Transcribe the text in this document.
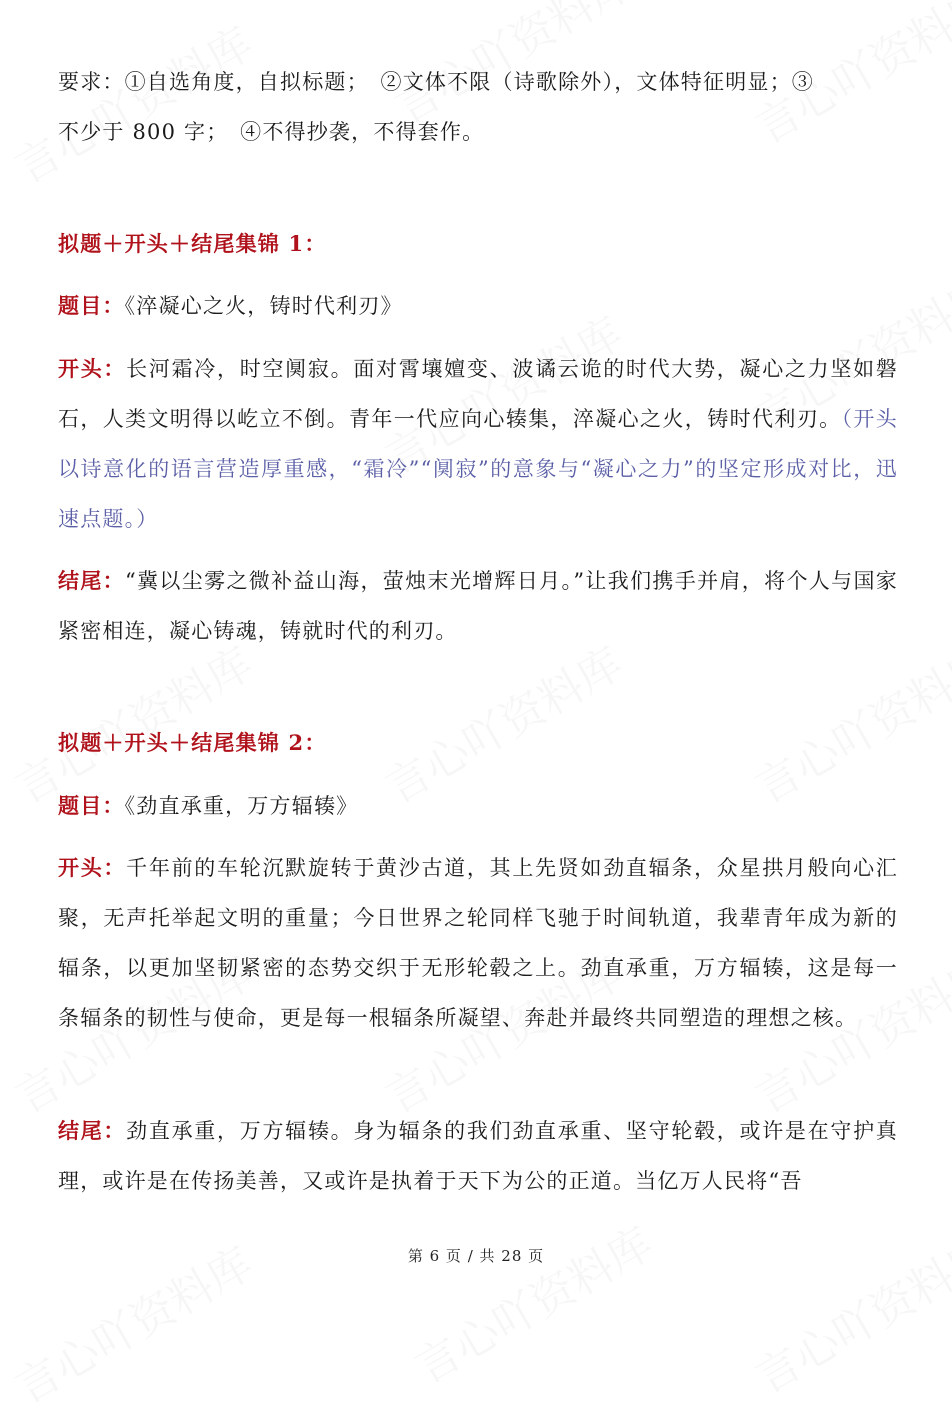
要求：①自选角度，自拟标题；　②文体不限（诗歌除外），文体特征明显；③
不少于 800 字；　④不得抄袭，不得套作。
拟题＋开头＋结尾集锦 1：
题目：《淬凝心之火，铸时代利刃》
开头：长河霜冷，时空阒寂。面对霄壤嬗变、波谲云诡的时代大势，凝心之力坚如磐石，人类文明得以屹立不倒。青年一代应向心辏集，淬凝心之火，铸时代利刃。（开头以诗意化的语言营造厚重感，“霜冷”“阒寂”的意象与“凝心之力”的坚定形成对比，迅速点题。）
结尾：“冀以尘雾之微补益山海，萤烛末光增辉日月。”让我们携手并肩，将个人与国家紧密相连，凝心铸魂，铸就时代的利刃。
拟题＋开头＋结尾集锦 2：
题目：《劲直承重，万方辐辏》
开头：千年前的车轮沉默旋转于黄沙古道，其上先贤如劲直辐条，众星拱月般向心汇聚，无声托举起文明的重量；今日世界之轮同样飞驰于时间轨道，我辈青年成为新的辐条，以更加坚韧紧密的态势交织于无形轮毂之上。劲直承重，万方辐辏，这是每一条辐条的韧性与使命，更是每一根辐条所凝望、奔赴并最终共同塑造的理想之核。
结尾：劲直承重，万方辐辏。身为辐条的我们劲直承重、坚守轮毂，或许是在守护真理，或许是在传扬美善，又或许是执着于天下为公的正道。当亿万人民将“吾
第 6 页 / 共 28 页
